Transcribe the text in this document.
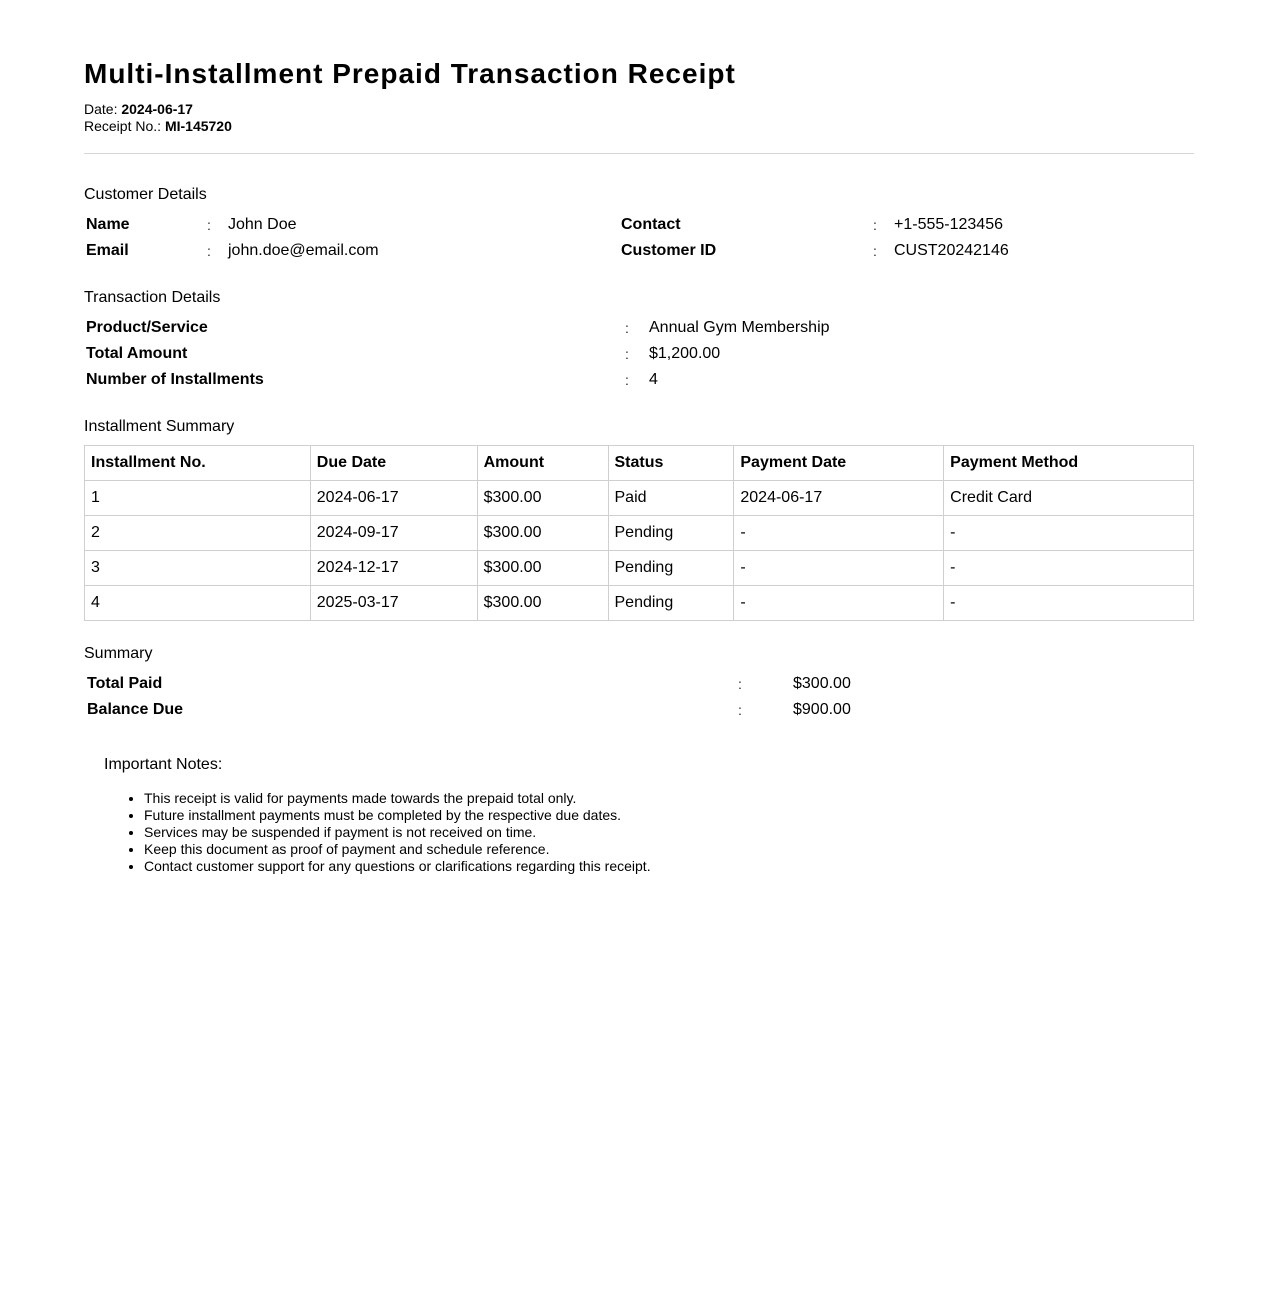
Multi-Installment Prepaid Transaction Receipt
Date: 2024-06-17
Receipt No.: MI-145720
Customer Details
Name	: John Doe	Contact	: +1-555-123456
Email	: john.doe@email.com	Customer ID	: CUST20242146
Transaction Details
Product/Service	: Annual Gym Membership
Total Amount	: $1,200.00
Number of Installments	: 4
Installment Summary
Installment No.	Due Date	Amount	Status	Payment Date	Payment Method
1	2024-06-17	$300.00	Paid	2024-06-17	Credit Card
2	2024-09-17	$300.00	Pending	-	-
3	2024-12-17	$300.00	Pending	-	-
4	2025-03-17	$300.00	Pending	-	-
Summary
Total Paid	:	$300.00
Balance Due	:	$900.00
Important Notes:
• This receipt is valid for payments made towards the prepaid total only.
• Future installment payments must be completed by the respective due dates.
• Services may be suspended if payment is not received on time.
• Keep this document as proof of payment and schedule reference.
• Contact customer support for any questions or clarifications regarding this receipt.
